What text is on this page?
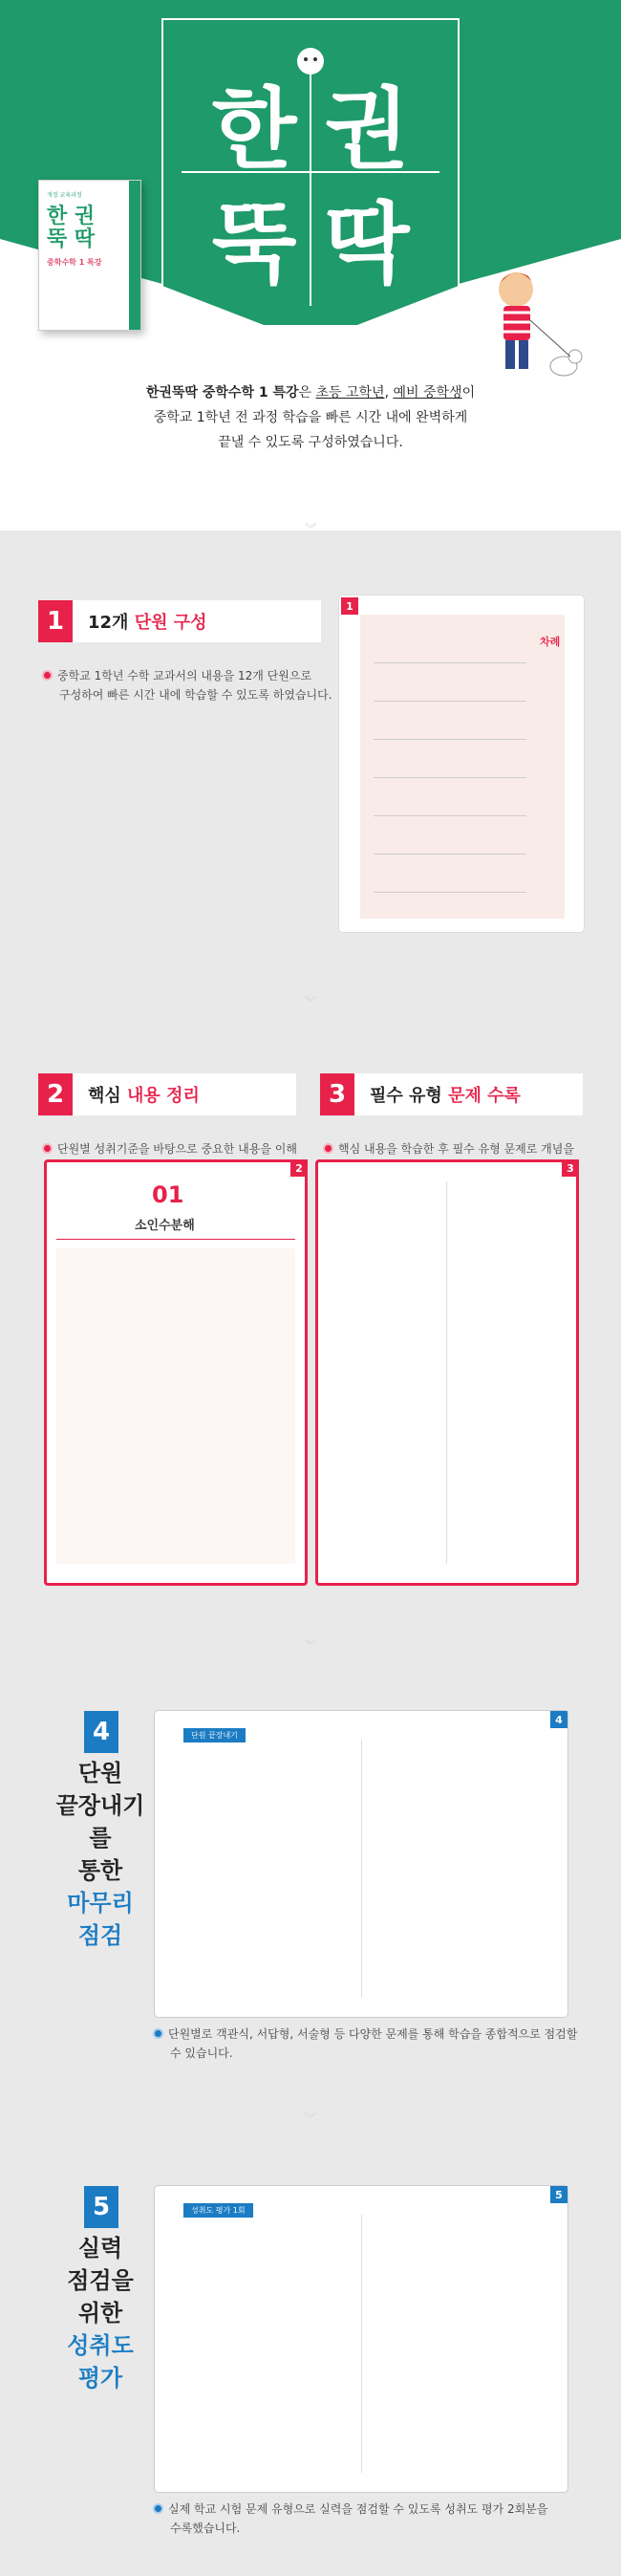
한 권
뚝 딱
개정 교육과정
한 권
뚝 딱
중학수학 1 특강
한권뚝딱 중학수학 1 특강은 초등 고학년, 예비 중학생이
중학교 1학년 전 과정 학습을 빠른 시간 내에 완벽하게
끝낼 수 있도록 구성하였습니다.
︾
1	12개 단원 구성
중학교 1학년 수학 교과서의 내용을 12개 단원으로
구성하여 빠른 시간 내에 학습할 수 있도록 하였습니다.
1
차례
︾
2	핵심 내용 정리	3	필수 유형 문제 수록
단원별 성취기준을 바탕으로 중요한 내용을 이해	핵심 내용을 학습한 후 필수 유형 문제로 개념을
2
01
소인수분해
3
︾
4
단원
끝장내기를
통한
마무리
점검
4
단원 끝장내기
단원별로 객관식, 서답형, 서술형 등 다양한 문제를 통해 학습을 종합적으로 점검할
수 있습니다.
︾
5
실력
점검을
위한
성취도
평가
5
성취도 평가 1회
실제 학교 시험 문제 유형으로 실력을 점검할 수 있도록 성취도 평가 2회분을
수록했습니다.
